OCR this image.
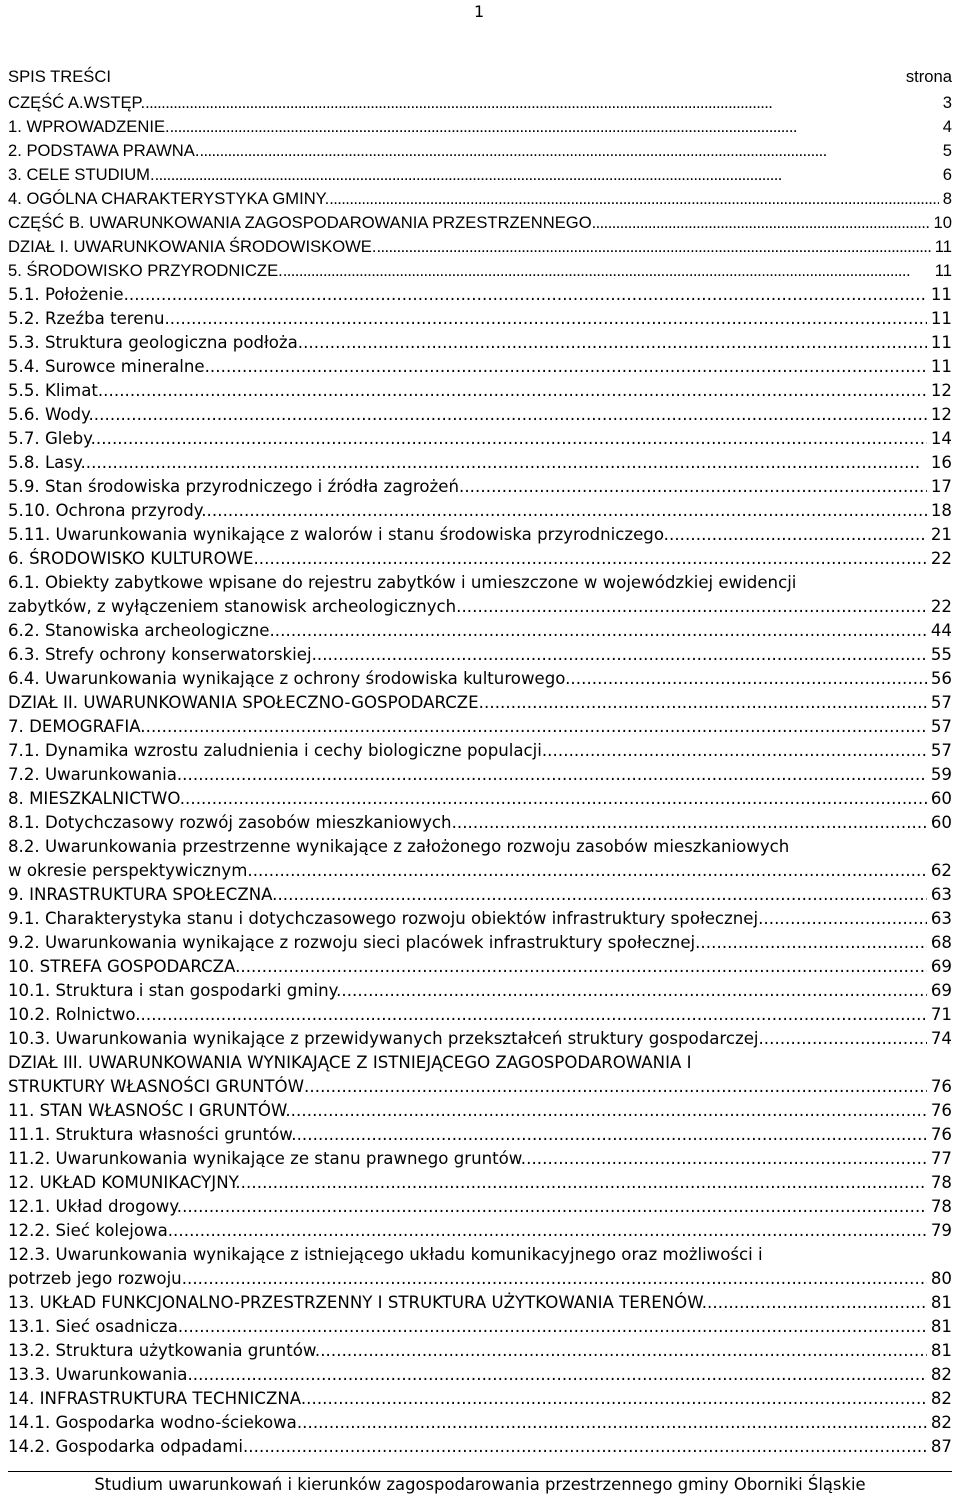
1
SPIS TREŚCI	strona
CZĘŚĆ A.WSTĘP. . . .	3
1. WPROWADZENIE. . . .	4
2. PODSTAWA PRAWNA. . . .	5
3. CELE STUDIUM. . . .	6
4. OGÓLNA CHARAKTERYSTYKA GMINY. . . .	8
CZĘŚĆ B. UWARUNKOWANIA ZAGOSPODAROWANIA PRZESTRZENNEGO . . .	10
DZIAŁ I. UWARUNKOWANIA ŚRODOWISKOWE. . . .	11
5. ŚRODOWISKO PRZYRODNICZE. . . .	11
5.1. Położenie. . . .	11
5.2. Rzeźba terenu. . . .	11
5.3. Struktura geologiczna podłoża. . . .	11
5.4. Surowce mineralne. . . .	11
5.5. Klimat. . . .	12
5.6. Wody. . . .	12
5.7. Gleby. . . .	14
5.8. Lasy. . . .	16
5.9. Stan środowiska przyrodniczego i źródła zagrożeń . . .	17
5.10. Ochrona przyrody. . . .	18
5.11. Uwarunkowania wynikające z walorów i stanu środowiska przyrodniczego. . . .	21
6. ŚRODOWISKO KULTUROWE. . . .	22
6.1. Obiekty zabytkowe wpisane do rejestru zabytków i umieszczone w wojewódzkiej ewidencji
zabytków, z wyłączeniem stanowisk archeologicznych. . . .	22
6.2. Stanowiska archeologiczne. . . .	44
6.3. Strefy ochrony konserwatorskiej. . . .	55
6.4. Uwarunkowania wynikające z ochrony środowiska kulturowego. . . .	56
DZIAŁ II. UWARUNKOWANIA SPOŁECZNO-GOSPODARCZE . . .	57
7. DEMOGRAFIA. . . .	57
7.1. Dynamika wzrostu zaludnienia i cechy biologiczne populacji. . . .	57
7.2. Uwarunkowania. . . .	59
8. MIESZKALNICTWO. . . .	60
8.1. Dotychczasowy rozwój zasobów mieszkaniowych. . . .	60
8.2. Uwarunkowania przestrzenne wynikające z założonego rozwoju zasobów mieszkaniowych
w okresie perspektywicznym. . . .	62
9. INRASTRUKTURA SPOŁECZNA. . . .	63
9.1. Charakterystyka stanu i dotychczasowego rozwoju obiektów infrastruktury społecznej. . . .	63
9.2. Uwarunkowania wynikające z rozwoju sieci placówek infrastruktury społecznej. . . .	68
10. STREFA GOSPODARCZA. . . .	69
10.1. Struktura i stan gospodarki gminy. . . .	69
10.2. Rolnictwo. . . .	71
10.3. Uwarunkowania wynikające z przewidywanych przekształceń struktury gospodarczej. . . .	74
DZIAŁ III. UWARUNKOWANIA WYNIKAJĄCE Z ISTNIEJĄCEGO ZAGOSPODAROWANIA I
STRUKTURY WŁASNOŚCI GRUNTÓW . . .	76
11. STAN WŁASNOŚC I GRUNTÓW. . . .	76
11.1. Struktura własności gruntów. . . .	76
11.2. Uwarunkowania wynikające ze stanu prawnego gruntów. . . .	77
12. UKŁAD KOMUNIKACYJNY. . . .	78
12.1. Układ drogowy. . . .	78
12.2. Sieć kolejowa. . . .	79
12.3. Uwarunkowania wynikające z istniejącego układu komunikacyjnego oraz możliwości i
potrzeb jego rozwoju. . . .	80
13. UKŁAD FUNKCJONALNO-PRZESTRZENNY I STRUKTURA UŻYTKOWANIA TERENÓW. . . .	81
13.1. Sieć osadnicza. . . .	81
13.2. Struktura użytkowania gruntów. . . .	81
13.3. Uwarunkowania. . . .	82
14. INFRASTRUKTURA TECHNICZNA. . . .	82
14.1. Gospodarka wodno-ściekowa. . . .	82
14.2. Gospodarka odpadami. . . .	87
Studium uwarunkowań i kierunków zagospodarowania przestrzennego gminy Oborniki Śląskie
